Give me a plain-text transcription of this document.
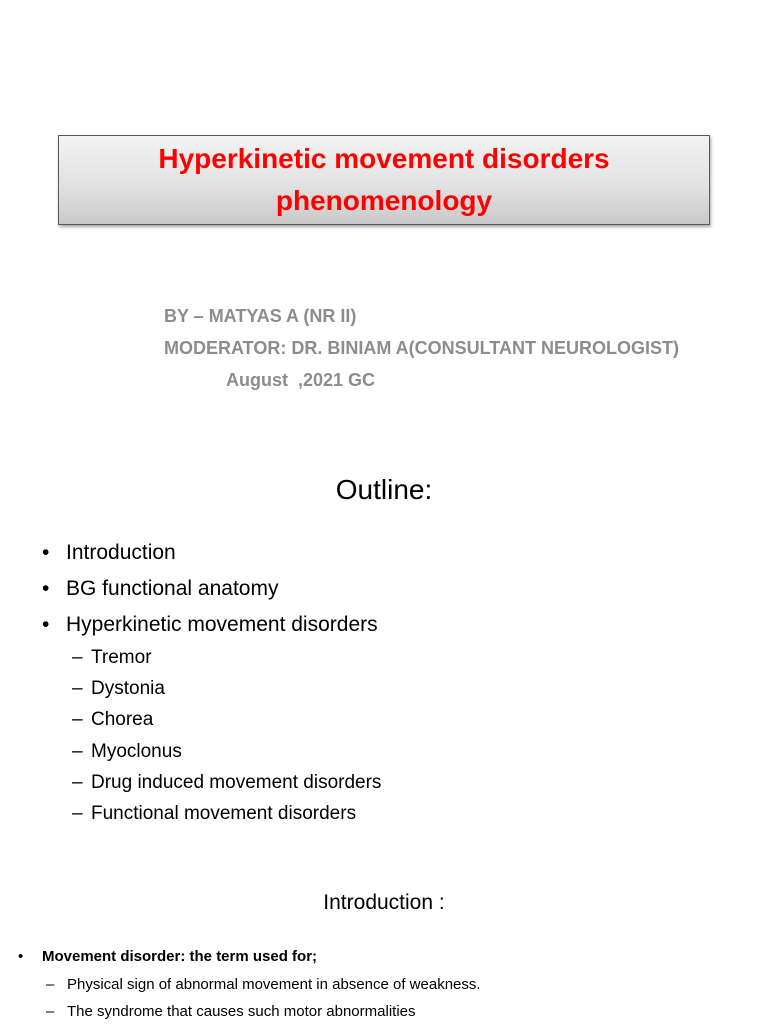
Hyperkinetic movement disorders
phenomenology
BY – MATYAS A (NR II)
MODERATOR: DR. BINIAM A(CONSULTANT NEUROLOGIST)
August  ,2021 GC
Outline:
• Introduction
• BG functional anatomy
• Hyperkinetic movement disorders
– Tremor
– Dystonia
– Chorea
– Myoclonus
– Drug induced movement disorders
– Functional movement disorders
Introduction :
• Movement disorder: the term used for;
– Physical sign of abnormal movement in absence of weakness.
– The syndrome that causes such motor abnormalities
